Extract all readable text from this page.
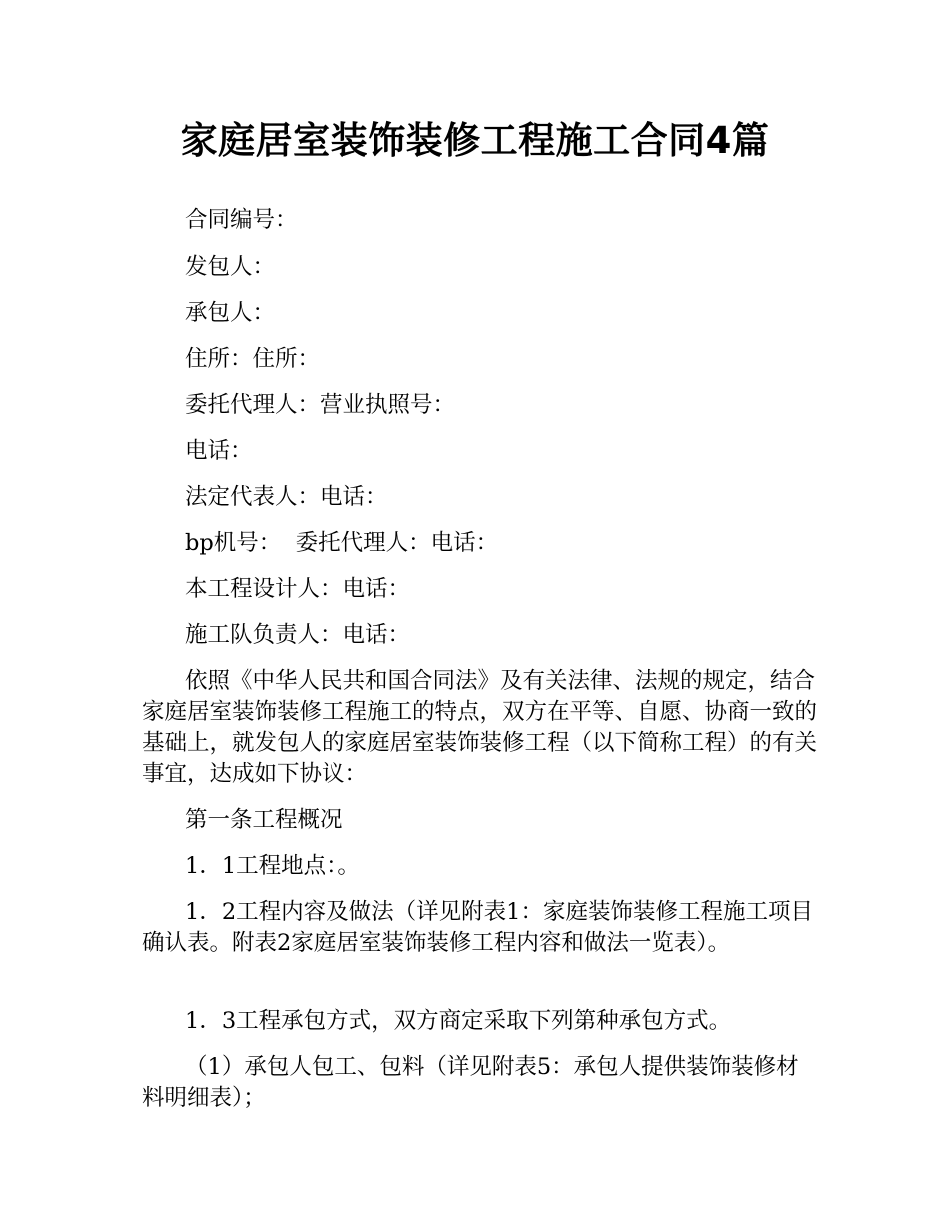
家庭居室装饰装修工程施工合同4篇

合同编号：

发包人：

承包人：

住所：住所：

委托代理人：营业执照号：

电话：

法定代表人：电话：

bp机号：  委托代理人：电话：

本工程设计人：电话：

施工队负责人：电话：

依照《中华人民共和国合同法》及有关法律、法规的规定，结合家庭居室装饰装修工程施工的特点，双方在平等、自愿、协商一致的基础上，就发包人的家庭居室装饰装修工程（以下简称工程）的有关事宜，达成如下协议：

第一条工程概况

1．1工程地点：。

1．2工程内容及做法（详见附表1：家庭装饰装修工程施工项目确认表。附表2家庭居室装饰装修工程内容和做法一览表）。

1．3工程承包方式，双方商定采取下列第种承包方式。

（1）承包人包工、包料（详见附表5：承包人提供装饰装修材料明细表）；
